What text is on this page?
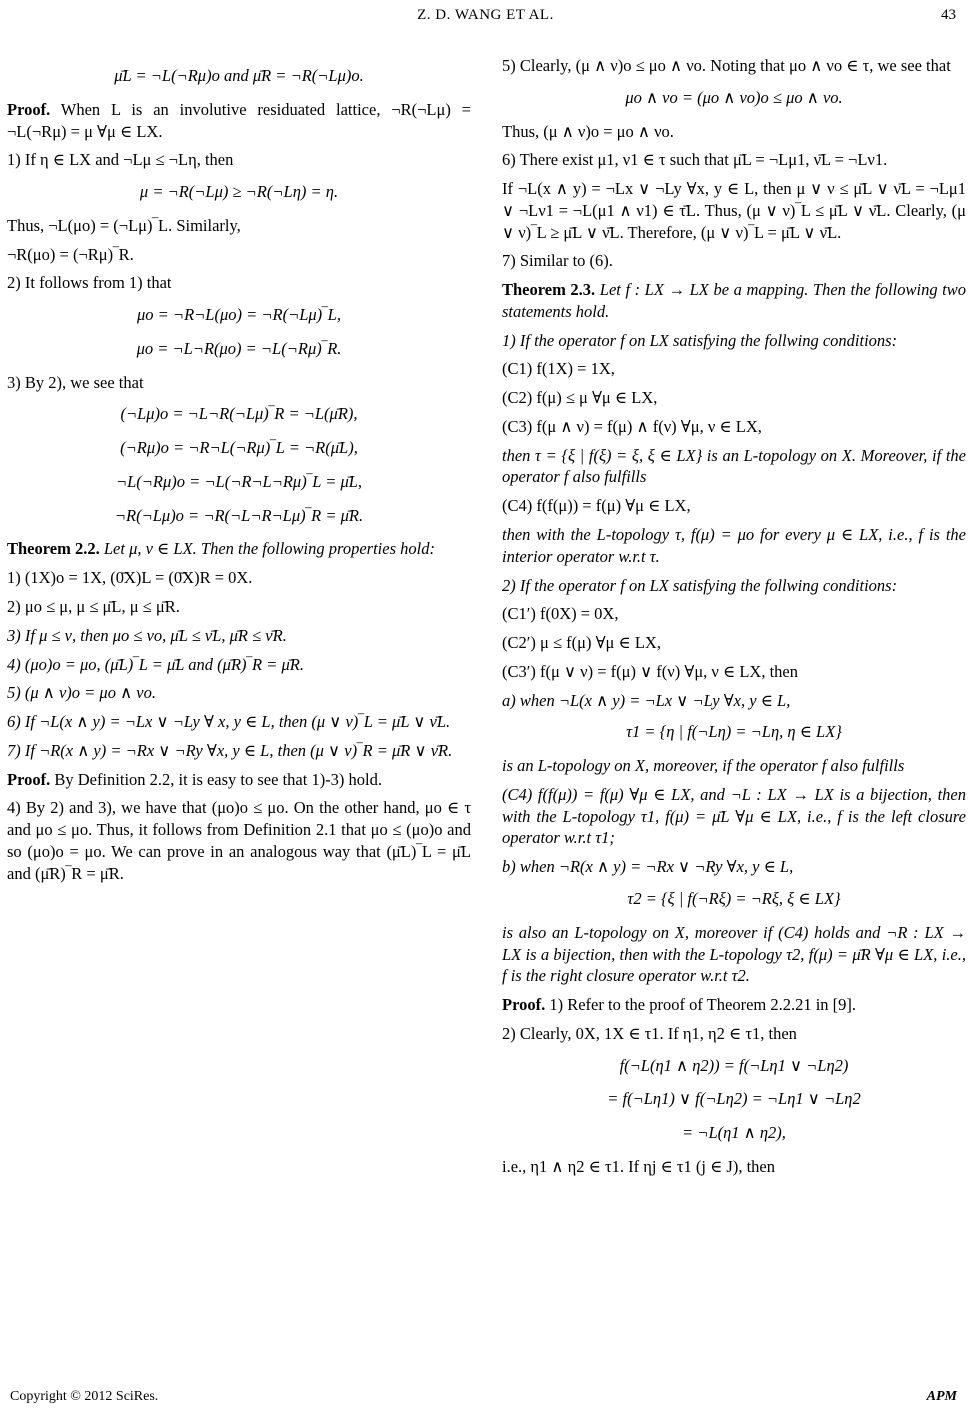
Z. D. WANG ET AL.	43
μ̄L = ¬L(¬Rμ)o and μ̄R = ¬R(¬Lμ)o.

Proof. When L is an involutive residuated lattice, ¬R(¬Lμ) = ¬L(¬Rμ) = μ ∀μ ∈ LX.

1) If η ∈ LX and ¬Lμ ≤ ¬Lη, then

μ = ¬R(¬Lμ) ≥ ¬R(¬Lη) = η.

Thus, ¬L(μo) = (¬Lμ)‾L. Similarly,

¬R(μo) = (¬Rμ)‾R.

2) It follows from 1) that

μo = ¬R¬L(μo) = ¬R(¬Lμ)‾L,
μo = ¬L¬R(μo) = ¬L(¬Rμ)‾R.

3) By 2), we see that

(¬Lμ)o = ¬L¬R(¬Lμ)‾R = ¬L(μ̄R),
(¬Rμ)o = ¬R¬L(¬Rμ)‾L = ¬R(μ̄L),
¬L(¬Rμ)o = ¬L(¬R¬L¬Rμ)‾L = μ̄L,
¬R(¬Lμ)o = ¬R(¬L¬R¬Lμ)‾R = μ̄R.

Theorem 2.2. Let μ, ν ∈ LX. Then the following properties hold:

1) (1X)o = 1X, (0̄X)L = (0̄X)R = 0X.

2) μo ≤ μ, μ ≤ μ̄L, μ ≤ μ̄R.

3) If μ ≤ ν, then μo ≤ νo, μ̄L ≤ ν̄L, μ̄R ≤ ν̄R.

4) (μo)o = μo, (μ̄L)‾L = μ̄L and (μ̄R)‾R = μ̄R.

5) (μ ∧ ν)o = μo ∧ νo.

6) If ¬L(x ∧ y) = ¬Lx ∨ ¬Ly ∀ x, y ∈ L, then (μ ∨ ν)‾L = μ̄L ∨ ν̄L.

7) If ¬R(x ∧ y) = ¬Rx ∨ ¬Ry ∀x, y ∈ L, then (μ ∨ ν)‾R = μ̄R ∨ ν̄R.

Proof. By Definition 2.2, it is easy to see that 1)-3) hold.

4) By 2) and 3), we have that (μo)o ≤ μo. On the other hand, μo ∈ τ and μo ≤ μo. Thus, it follows from Definition 2.1 that μo ≤ (μo)o and so (μo)o = μo. We can prove in an analogous way that (μ̄L)‾L = μ̄L and (μ̄R)‾R = μ̄R.

5) Clearly, (μ ∧ ν)o ≤ μo ∧ νo. Noting that μo ∧ νo ∈ τ, we see that

μo ∧ νo = (μo ∧ νo)o ≤ μo ∧ νo.

Thus, (μ ∧ ν)o = μo ∧ νo.

6) There exist μ1, ν1 ∈ τ such that μ̄L = ¬Lμ1, ν̄L = ¬Lν1.

If ¬L(x ∧ y) = ¬Lx ∨ ¬Ly ∀x, y ∈ L, then μ ∨ ν ≤ μ̄L ∨ ν̄L = ¬Lμ1 ∨ ¬Lν1 = ¬L(μ1 ∧ ν1) ∈ τ̄L. Thus, (μ ∨ ν)‾L ≤ μ̄L ∨ ν̄L. Clearly, (μ ∨ ν)‾L ≥ μ̄L ∨ ν̄L. Therefore, (μ ∨ ν)‾L = μ̄L ∨ ν̄L.

7) Similar to (6).

Theorem 2.3. Let f : LX → LX be a mapping. Then the following two statements hold.

1) If the operator f on LX satisfying the follwing conditions:

(C1) f(1X) = 1X,

(C2) f(μ) ≤ μ ∀μ ∈ LX,

(C3) f(μ ∧ ν) = f(μ) ∧ f(ν) ∀μ, ν ∈ LX,

then τ = {ξ | f(ξ) = ξ, ξ ∈ LX} is an L-topology on X. Moreover, if the operator f also fulfills

(C4) f(f(μ)) = f(μ) ∀μ ∈ LX,

then with the L-topology τ, f(μ) = μo for every μ ∈ LX, i.e., f is the interior operator w.r.t τ.

2) If the operator f on LX satisfying the follwing conditions:

(C1′) f(0X) = 0X,

(C2′) μ ≤ f(μ) ∀μ ∈ LX,

(C3′) f(μ ∨ ν) = f(μ) ∨ f(ν) ∀μ, ν ∈ LX, then

a) when ¬L(x ∧ y) = ¬Lx ∨ ¬Ly ∀x, y ∈ L,

τ1 = {η | f(¬Lη) = ¬Lη, η ∈ LX}

is an L-topology on X, moreover, if the operator f also fulfills

(C4) f(f(μ)) = f(μ) ∀μ ∈ LX, and ¬L : LX → LX is a bijection, then with the L-topology τ1, f(μ) = μ̄L ∀μ ∈ LX, i.e., f is the left closure operator w.r.t τ1;

b) when ¬R(x ∧ y) = ¬Rx ∨ ¬Ry ∀x, y ∈ L,

τ2 = {ξ | f(¬Rξ) = ¬Rξ, ξ ∈ LX}

is also an L-topology on X, moreover if (C4) holds and ¬R : LX → LX is a bijection, then with the L-topology τ2, f(μ) = μ̄R ∀μ ∈ LX, i.e., f is the right closure operator w.r.t τ2.

Proof. 1) Refer to the proof of Theorem 2.2.21 in [9].

2) Clearly, 0X, 1X ∈ τ1. If η1, η2 ∈ τ1, then

f(¬L(η1 ∧ η2)) = f(¬Lη1 ∨ ¬Lη2)
= f(¬Lη1) ∨ f(¬Lη2) = ¬Lη1 ∨ ¬Lη2
= ¬L(η1 ∧ η2),

i.e., η1 ∧ η2 ∈ τ1. If ηj ∈ τ1 (j ∈ J), then

Copyright © 2012 SciRes.	APM
